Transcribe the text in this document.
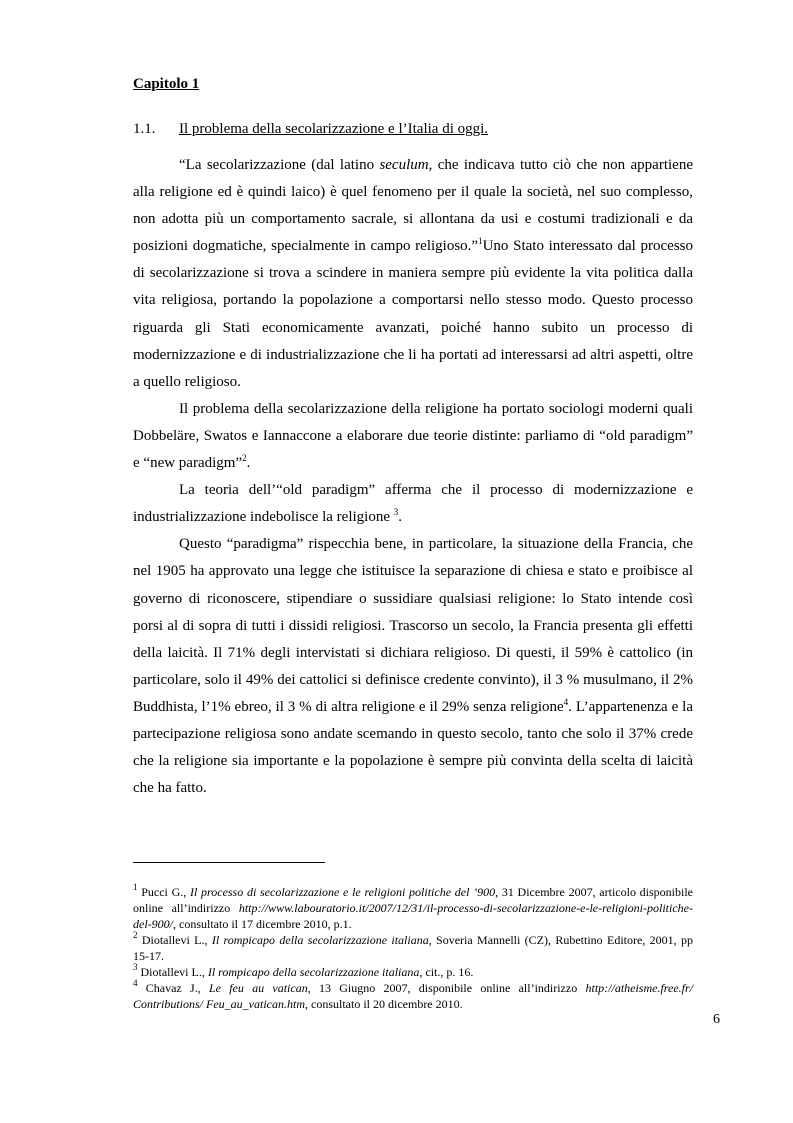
Capitolo 1
1.1. Il problema della secolarizzazione e l’Italia di oggi.

“La secolarizzazione (dal latino seculum, che indicava tutto ciò che non appartiene alla religione ed è quindi laico) è quel fenomeno per il quale la società, nel suo complesso, non adotta più un comportamento sacrale, si allontana da usi e costumi tradizionali e da posizioni dogmatiche, specialmente in campo religioso.”$^1$Uno Stato interessato dal processo di secolarizzazione si trova a scindere in maniera sempre più evidente la vita politica dalla vita religiosa, portando la popolazione a comportarsi nello stesso modo. Questo processo riguarda gli Stati economicamente avanzati, poiché hanno subito un processo di modernizzazione e di industrializzazione che li ha portati ad interessarsi ad altri aspetti, oltre a quello religioso.

Il problema della secolarizzazione della religione ha portato sociologi moderni quali Dobbeläre, Swatos e Iannaccone a elaborare due teorie distinte: parliamo di “old paradigm” e “new paradigm”$^2$.

La teoria dell’“old paradigm” afferma che il processo di modernizzazione e industrializzazione indebolisce la religione $^3$.

Questo “paradigma” rispecchia bene, in particolare, la situazione della Francia, che nel 1905 ha approvato una legge che istituisce la separazione di chiesa e stato e proibisce al governo di riconoscere, stipendiare o sussidiare qualsiasi religione: lo Stato intende così porsi al di sopra di tutti i dissidi religiosi. Trascorso un secolo, la Francia presenta gli effetti della laicità. Il 71% degli intervistati si dichiara religioso. Di questi, il 59% è cattolico (in particolare, solo il 49% dei cattolici si definisce credente convinto), il 3 % musulmano, il 2% Buddhista, l’1% ebreo, il 3 % di altra religione e il 29% senza religione$^4$. L’appartenenza e la partecipazione religiosa sono andate scemando in questo secolo, tanto che solo il 37% crede che la religione sia importante e la popolazione è sempre più convinta della scelta di laicità che ha fatto.

$^1$ Pucci G., Il processo di secolarizzazione e le religioni politiche del ’900, 31 Dicembre 2007, articolo disponibile online all’indirizzo http://www.labouratorio.it/2007/12/31/il-processo-di-secolarizzazione-e-le-religioni-politiche-del-900/, consultato il 17 dicembre 2010, p.1.
$^2$ Diotallevi L., Il rompicapo della secolarizzazione italiana, Soveria Mannelli (CZ), Rubettino Editore, 2001, pp 15-17.
$^3$ Diotallevi L., Il rompicapo della secolarizzazione italiana, cit., p. 16.
$^4$ Chavaz J., Le feu au vatican, 13 Giugno 2007, disponibile online all’indirizzo http://atheisme.free.fr/ Contributions/ Feu_au_vatican.htm, consultato il 20 dicembre 2010.
6
